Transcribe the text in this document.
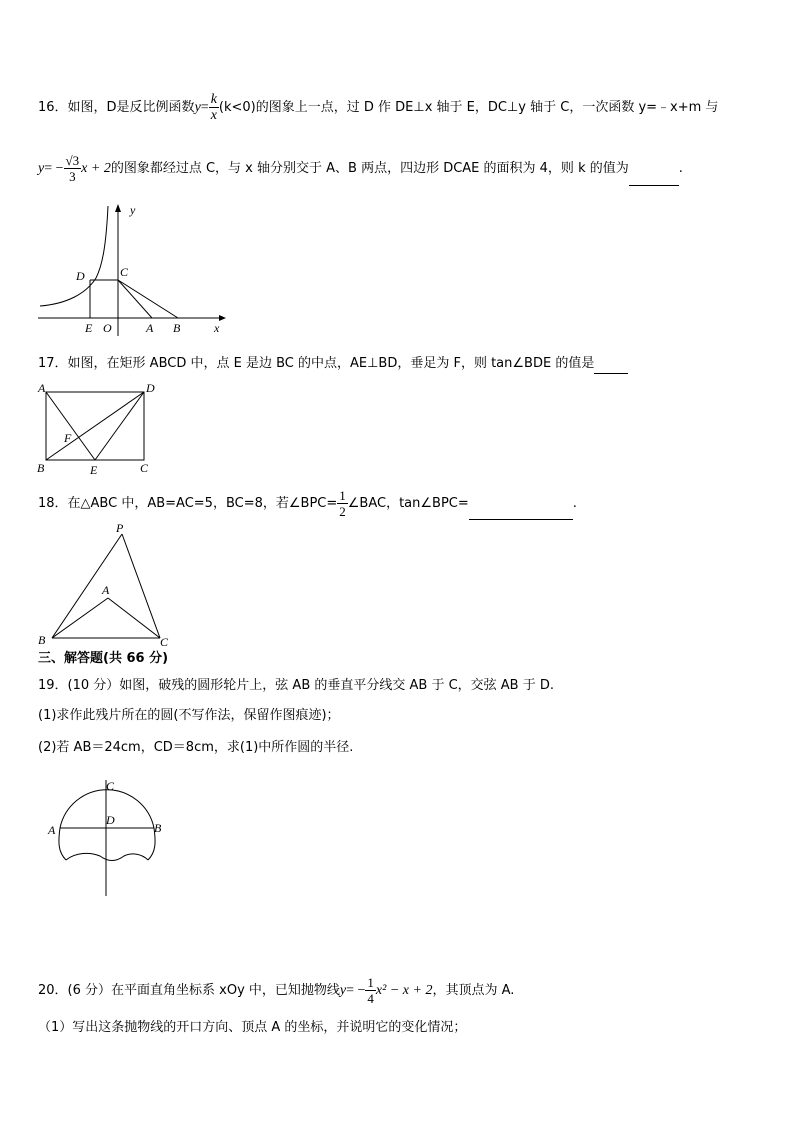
16．如图，D是反比例函数$y= \frac{k}{x} (k<0)$的图象上一点，过 D 作 DE⊥x 轴于 E，DC⊥y 轴于 C，一次函数 y=﹣x+m 与
$y= - \frac{√3}{3}$ x + 2的图象都经过点 C，与 x 轴分别交于 A、B 两点，四边形 DCAE 的面积为 4，则 k 的值为	.
y
x
D	C
E O	A B
17．如图，在矩形 ABCD 中，点 E 是边 BC 的中点，AE⊥BD，垂足为 F，则 tan∠BDE 的值是
A	D
B	C
E
F
18．在△ABC 中，AB=AC=5，BC=8，若∠BPC= $\frac{1}{2}$ ∠BAC，tan∠BPC=	.
P
A
B	C
三、解答题(共 66 分)
19．(10 分）如图，破残的圆形轮片上，弦 AB 的垂直平分线交 AB 于 C，交弦 AB 于 D.
(1)求作此残片所在的圆(不写作法，保留作图痕迹)；
(2)若 AB＝24cm，CD＝8cm，求(1)中所作圆的半径.
A	B
C
D
20．(6 分）在平面直角坐标系 xOy 中，已知抛物线$y= - \frac{1}{4} x^2 - x + 2$，其顶点为 A.
（1）写出这条抛物线的开口方向、顶点 A 的坐标，并说明它的变化情况；
